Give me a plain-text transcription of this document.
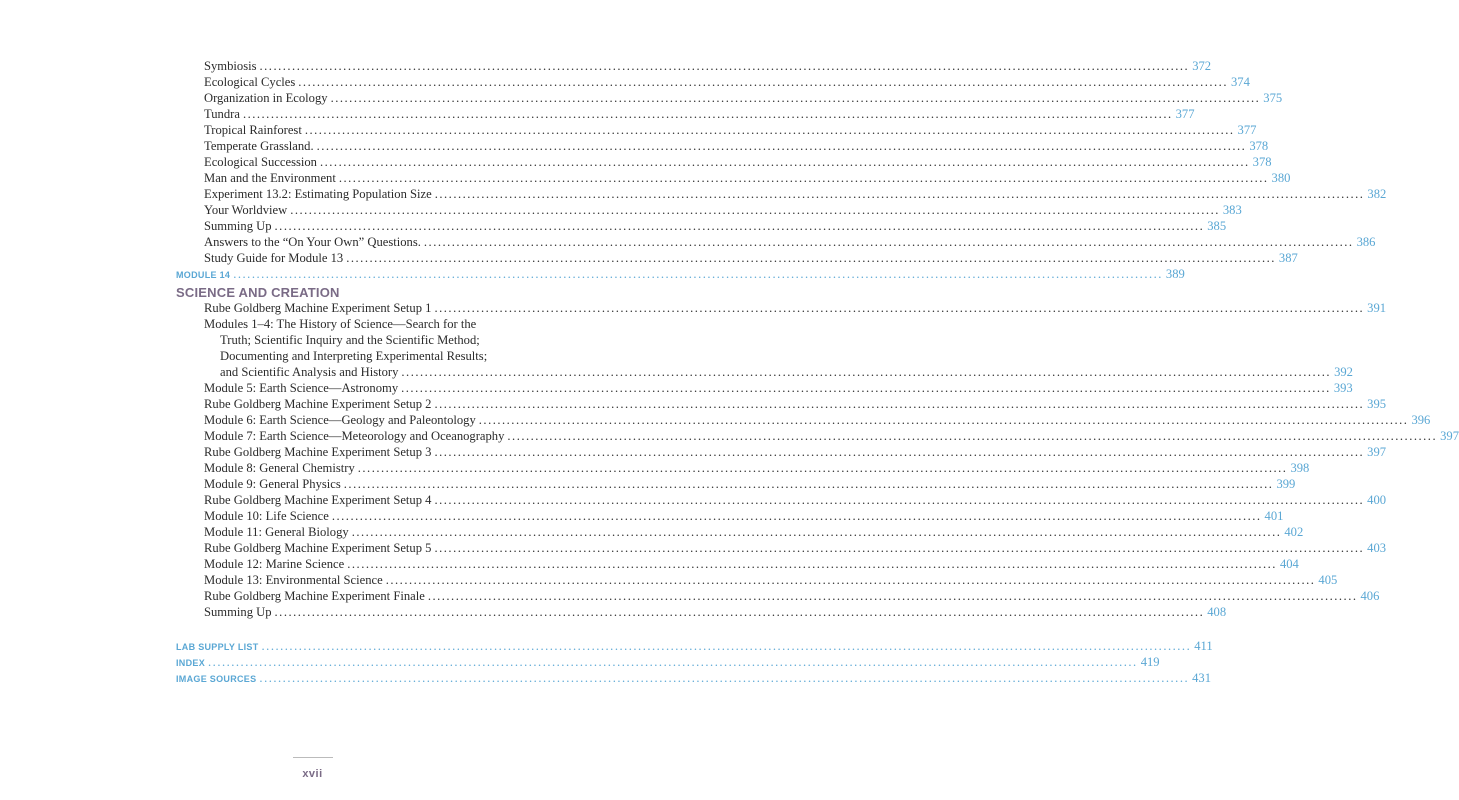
Symbiosis ........................................................................................................................................................................................................ 372
Ecological Cycles ........................................................................................................................................................................................................ 374
Organization in Ecology ........................................................................................................................................................................................................ 375
Tundra ........................................................................................................................................................................................................ 377
Tropical Rainforest ........................................................................................................................................................................................................ 377
Temperate Grassland. ........................................................................................................................................................................................................ 378
Ecological Succession ........................................................................................................................................................................................................ 378
Man and the Environment ........................................................................................................................................................................................................ 380
Experiment 13.2: Estimating Population Size ........................................................................................................................................................................................................ 382
Your Worldview ........................................................................................................................................................................................................ 383
Summing Up ........................................................................................................................................................................................................ 385
Answers to the “On Your Own” Questions. ........................................................................................................................................................................................................ 386
Study Guide for Module 13 ........................................................................................................................................................................................................ 387
MODULE 14 ........................................................................................................................................................................................................ 389
SCIENCE AND CREATION
Rube Goldberg Machine Experiment Setup 1 ........................................................................................................................................................................................................ 391
Modules 1–4: The History of Science—Search for the
Truth; Scientific Inquiry and the Scientific Method;
Documenting and Interpreting Experimental Results;
and Scientific Analysis and History ........................................................................................................................................................................................................ 392
Module 5: Earth Science—Astronomy ........................................................................................................................................................................................................ 393
Rube Goldberg Machine Experiment Setup 2 ........................................................................................................................................................................................................ 395
Module 6: Earth Science—Geology and Paleontology ........................................................................................................................................................................................................ 396
Module 7: Earth Science—Meteorology and Oceanography ........................................................................................................................................................................................................ 397
Rube Goldberg Machine Experiment Setup 3 ........................................................................................................................................................................................................ 397
Module 8: General Chemistry ........................................................................................................................................................................................................ 398
Module 9: General Physics ........................................................................................................................................................................................................ 399
Rube Goldberg Machine Experiment Setup 4 ........................................................................................................................................................................................................ 400
Module 10: Life Science ........................................................................................................................................................................................................ 401
Module 11: General Biology ........................................................................................................................................................................................................ 402
Rube Goldberg Machine Experiment Setup 5 ........................................................................................................................................................................................................ 403
Module 12: Marine Science ........................................................................................................................................................................................................ 404
Module 13: Environmental Science ........................................................................................................................................................................................................ 405
Rube Goldberg Machine Experiment Finale ........................................................................................................................................................................................................ 406
Summing Up ........................................................................................................................................................................................................ 408
LAB SUPPLY LIST ........................................................................................................................................................................................................ 411
INDEX ........................................................................................................................................................................................................ 419
IMAGE SOURCES ........................................................................................................................................................................................................ 431
xvii
